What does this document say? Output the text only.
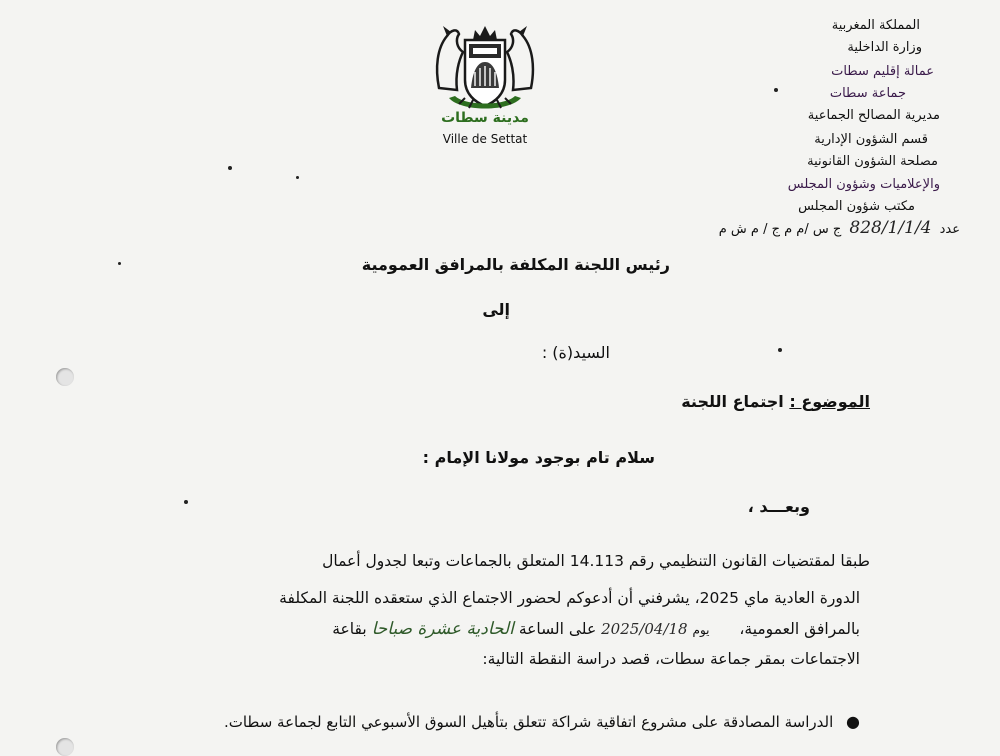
المملكة المغربية
وزارة الداخلية
عمالة إقليم سطات
جماعة سطات
مديرية المصالح الجماعية
قسم الشؤون الإدارية
مصلحة الشؤون القانونية
والإعلاميات وشؤون المجلس
مكتب شؤون المجلس
عدد 828/1/1/4 ج س /م م ج / م ش م
مدينة سطات
Ville de Settat
رئيس اللجنة المكلفة بالمرافق العمومية
إلى
السيد(ة) :
الموضوع : اجتماع اللجنة
سلام تام بوجود مولانا الإمام :
وبعـــد ،
طبقا لمقتضيات القانون التنظيمي رقم 14.113 المتعلق بالجماعات وتبعا لجدول أعمال
الدورة العادية ماي 2025، يشرفني أن أدعوكم لحضور الاجتماع الذي ستعقده اللجنة المكلفة
بالمرافق العمومية،  يوم 2025/04/18 على الساعة الحادية عشرة صباحا بقاعة
الاجتماعات بمقر جماعة سطات، قصد دراسة النقطة التالية:
● الدراسة المصادقة على مشروع اتفاقية شراكة تتعلق بتأهيل السوق الأسبوعي التابع لجماعة سطات.
